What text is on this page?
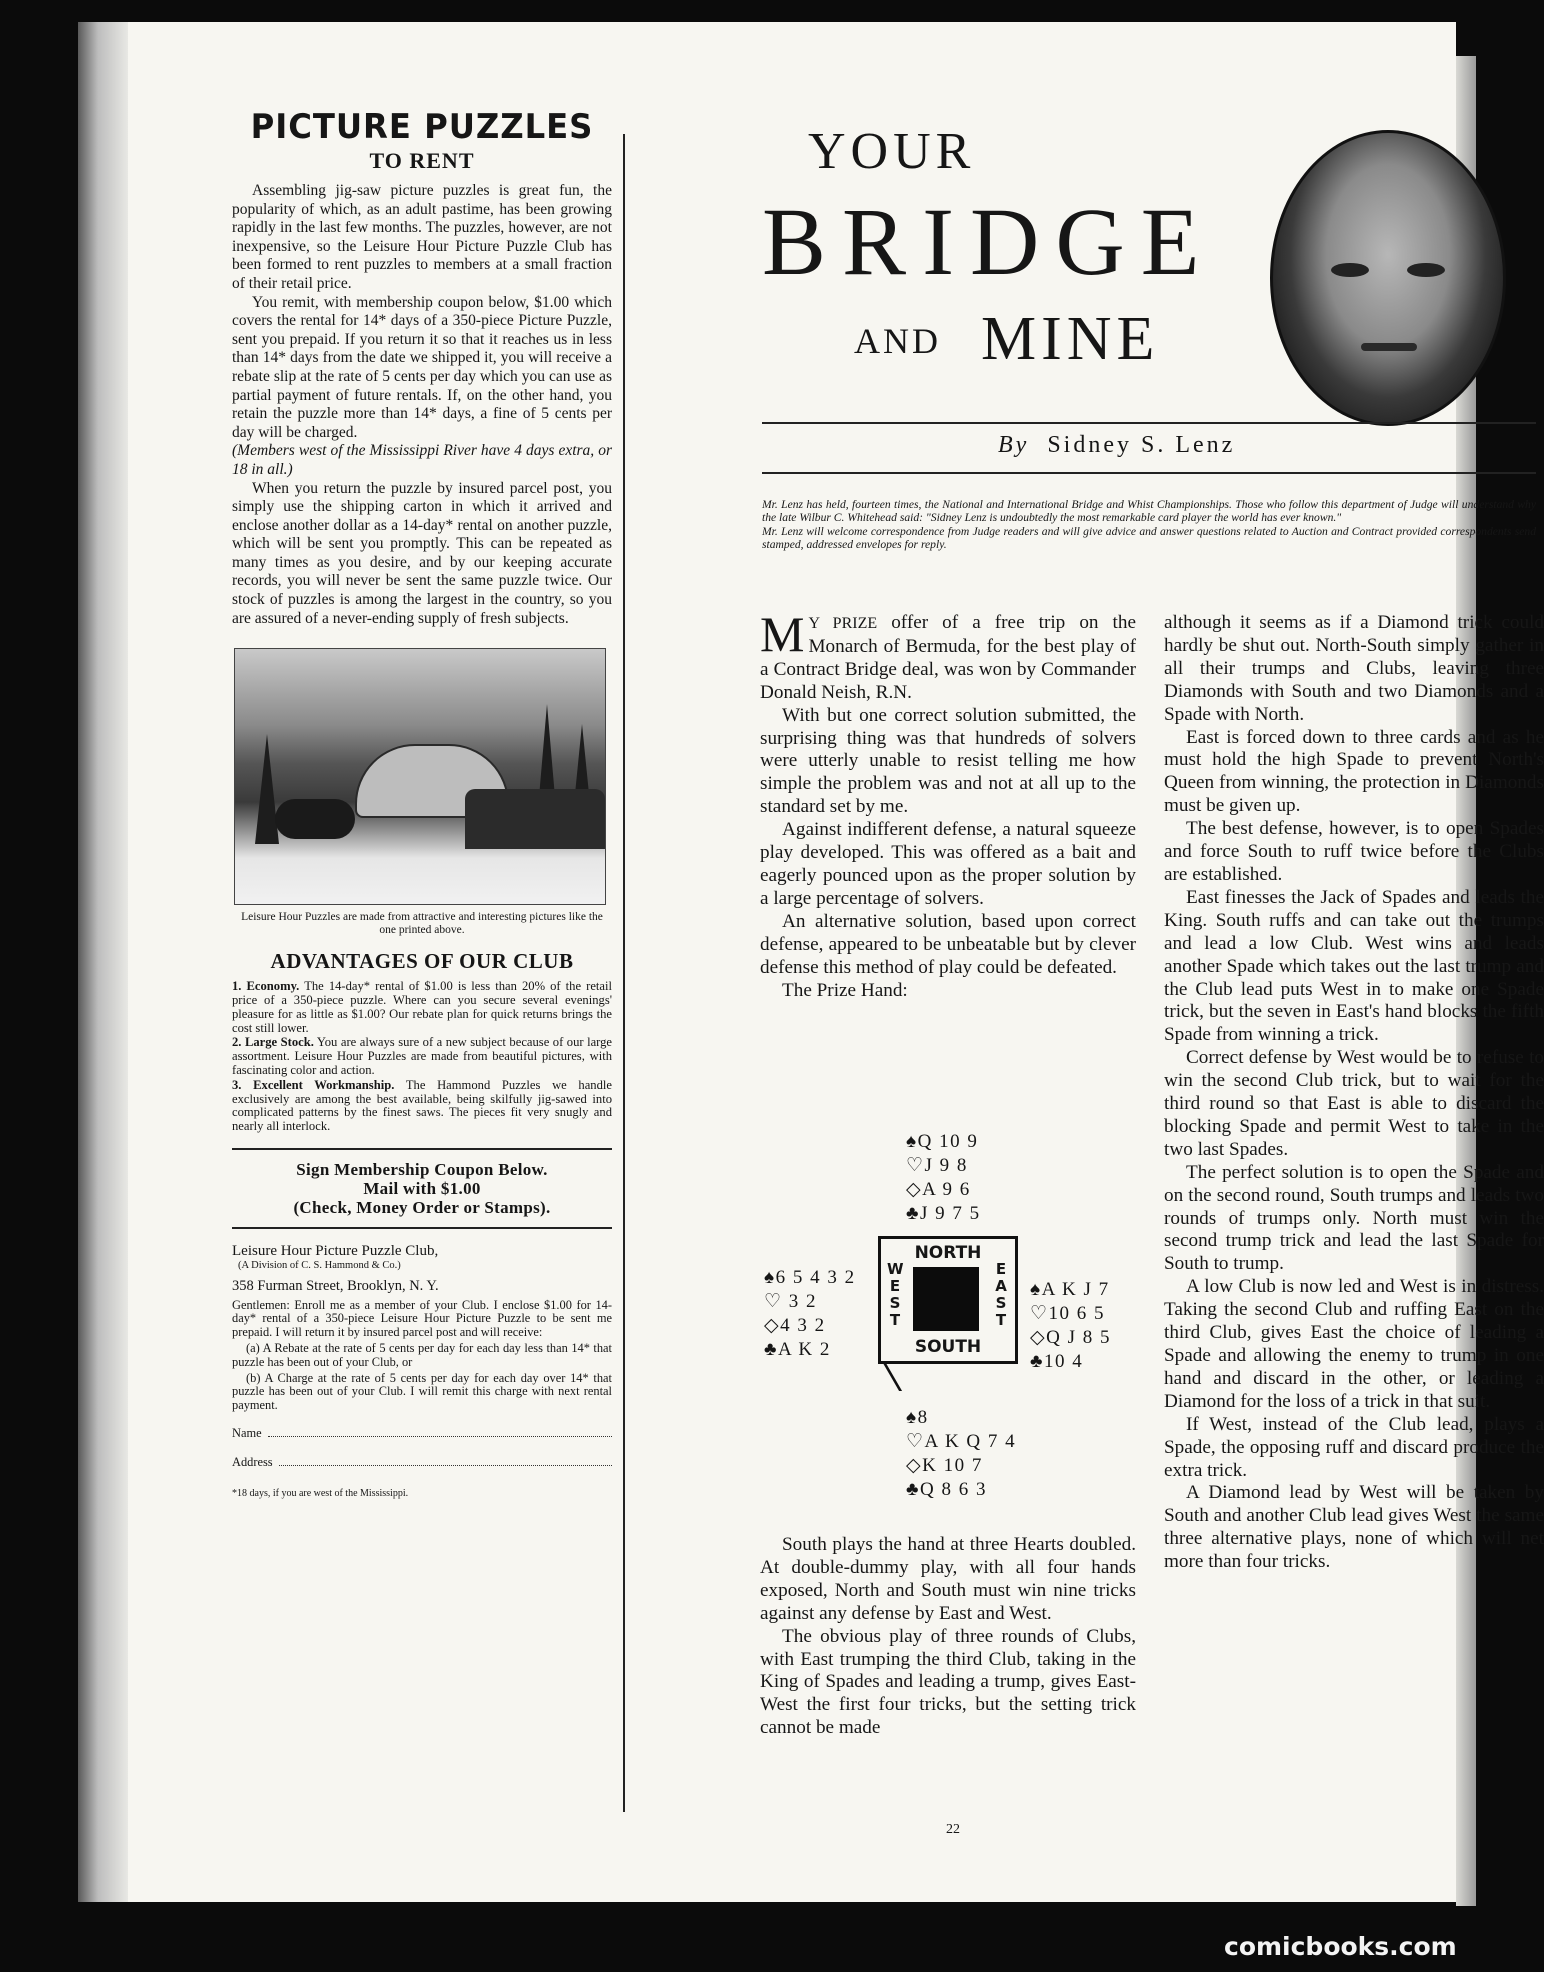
PICTURE PUZZLES
TO RENT

Assembling jig-saw picture puzzles is great fun, the popularity of which, as an adult pastime, has been growing rapidly in the last few months. The puzzles, however, are not inexpensive, so the Leisure Hour Picture Puzzle Club has been formed to rent puzzles to members at a small fraction of their retail price.

You remit, with membership coupon below, $1.00 which covers the rental for 14* days of a 350-piece Picture Puzzle, sent you prepaid. If you return it so that it reaches us in less than 14* days from the date we shipped it, you will receive a rebate slip at the rate of 5 cents per day which you can use as partial payment of future rentals. If, on the other hand, you retain the puzzle more than 14* days, a fine of 5 cents per day will be charged.

(Members west of the Mississippi River have 4 days extra, or 18 in all.)

When you return the puzzle by insured parcel post, you simply use the shipping carton in which it arrived and enclose another dollar as a 14-day* rental on another puzzle, which will be sent you promptly. This can be repeated as many times as you desire, and by our keeping accurate records, you will never be sent the same puzzle twice. Our stock of puzzles is among the largest in the country, so you are assured of a never-ending supply of fresh subjects.

Leisure Hour Puzzles are made from attractive and interesting pictures like the one printed above.
ADVANTAGES OF OUR CLUB

1. Economy. The 14-day* rental of $1.00 is less than 20% of the retail price of a 350-piece puzzle. Where can you secure several evenings' pleasure for as little as $1.00? Our rebate plan for quick returns brings the cost still lower.

2. Large Stock. You are always sure of a new subject because of our large assortment. Leisure Hour Puzzles are made from beautiful pictures, with fascinating color and action.

3. Excellent Workmanship. The Hammond Puzzles we handle exclusively are among the best available, being skilfully jig-sawed into complicated patterns by the finest saws. The pieces fit very snugly and nearly all interlock.

Sign Membership Coupon Below.
Mail with $1.00
(Check, Money Order or Stamps).
Leisure Hour Picture Puzzle Club,
(A Division of C. S. Hammond & Co.)
358 Furman Street, Brooklyn, N. Y.

Gentlemen: Enroll me as a member of your Club. I enclose $1.00 for 14-day* rental of a 350-piece Leisure Hour Picture Puzzle to be sent me prepaid. I will return it by insured parcel post and will receive:

(a) A Rebate at the rate of 5 cents per day for each day less than 14* that puzzle has been out of your Club, or

(b) A Charge at the rate of 5 cents per day for each day over 14* that puzzle has been out of your Club. I will remit this charge with next rental payment.

Name
Address
*18 days, if you are west of the Mississippi.
YOUR
BRIDGE
AND MINE
By Sidney S. Lenz

Mr. Lenz has held, fourteen times, the National and International Bridge and Whist Championships. Those who follow this department of Judge will understand why the late Wilbur C. Whitehead said: "Sidney Lenz is undoubtedly the most remarkable card player the world has ever known."

Mr. Lenz will welcome correspondence from Judge readers and will give advice and answer questions related to Auction and Contract provided correspondents send stamped, addressed envelopes for reply.

M Y PRIZE offer of a free trip on the Monarch of Bermuda, for the best play of a Contract Bridge deal, was won by Commander Donald Neish, R.N.

With but one correct solution submitted, the surprising thing was that hundreds of solvers were utterly unable to resist telling me how simple the problem was and not at all up to the standard set by me.

Against indifferent defense, a natural squeeze play developed. This was offered as a bait and eagerly pounced upon as the proper solution by a large percentage of solvers.

An alternative solution, based upon correct defense, appeared to be unbeatable but by clever defense this method of play could be defeated.

The Prize Hand:

♠Q 10 9
♡J 9 8
◇A 9 6
♣J 9 7 5
♠6 5 4 3 2
♡ 3 2
◇4 3 2
♣A K 2
♠A K J 7
♡10 6 5
◇Q J 8 5
♣10 4
NORTH
W
E
S
T
E
A
S
T
SOUTH
♠8
♡A K Q 7 4
◇K 10 7
♣Q 8 6 3

South plays the hand at three Hearts doubled. At double-dummy play, with all four hands exposed, North and South must win nine tricks against any defense by East and West.

The obvious play of three rounds of Clubs, with East trumping the third Club, taking in the King of Spades and leading a trump, gives East-West the first four tricks, but the setting trick cannot be made

although it seems as if a Diamond trick could hardly be shut out. North-South simply gather in all their trumps and Clubs, leaving three Diamonds with South and two Diamonds and a Spade with North.

East is forced down to three cards and as he must hold the high Spade to prevent North's Queen from winning, the protection in Diamonds must be given up.

The best defense, however, is to open Spades and force South to ruff twice before the Clubs are established.

East finesses the Jack of Spades and leads the King. South ruffs and can take out the trumps and lead a low Club. West wins and leads another Spade which takes out the last trump and the Club lead puts West in to make one Spade trick, but the seven in East's hand blocks the fifth Spade from winning a trick.

Correct defense by West would be to refuse to win the second Club trick, but to wait for the third round so that East is able to discard the blocking Spade and permit West to take in the two last Spades.

The perfect solution is to open the Spade and on the second round, South trumps and leads two rounds of trumps only. North must win the second trump trick and lead the last Spade for South to trump.

A low Club is now led and West is in distress. Taking the second Club and ruffing East on the third Club, gives East the choice of leading a Spade and allowing the enemy to trump in one hand and discard in the other, or leading a Diamond for the loss of a trick in that suit.

If West, instead of the Club lead, plays a Spade, the opposing ruff and discard produce the extra trick.

A Diamond lead by West will be taken by South and another Club lead gives West the same three alternative plays, none of which will net more than four tricks.

22
comicbooks.com
